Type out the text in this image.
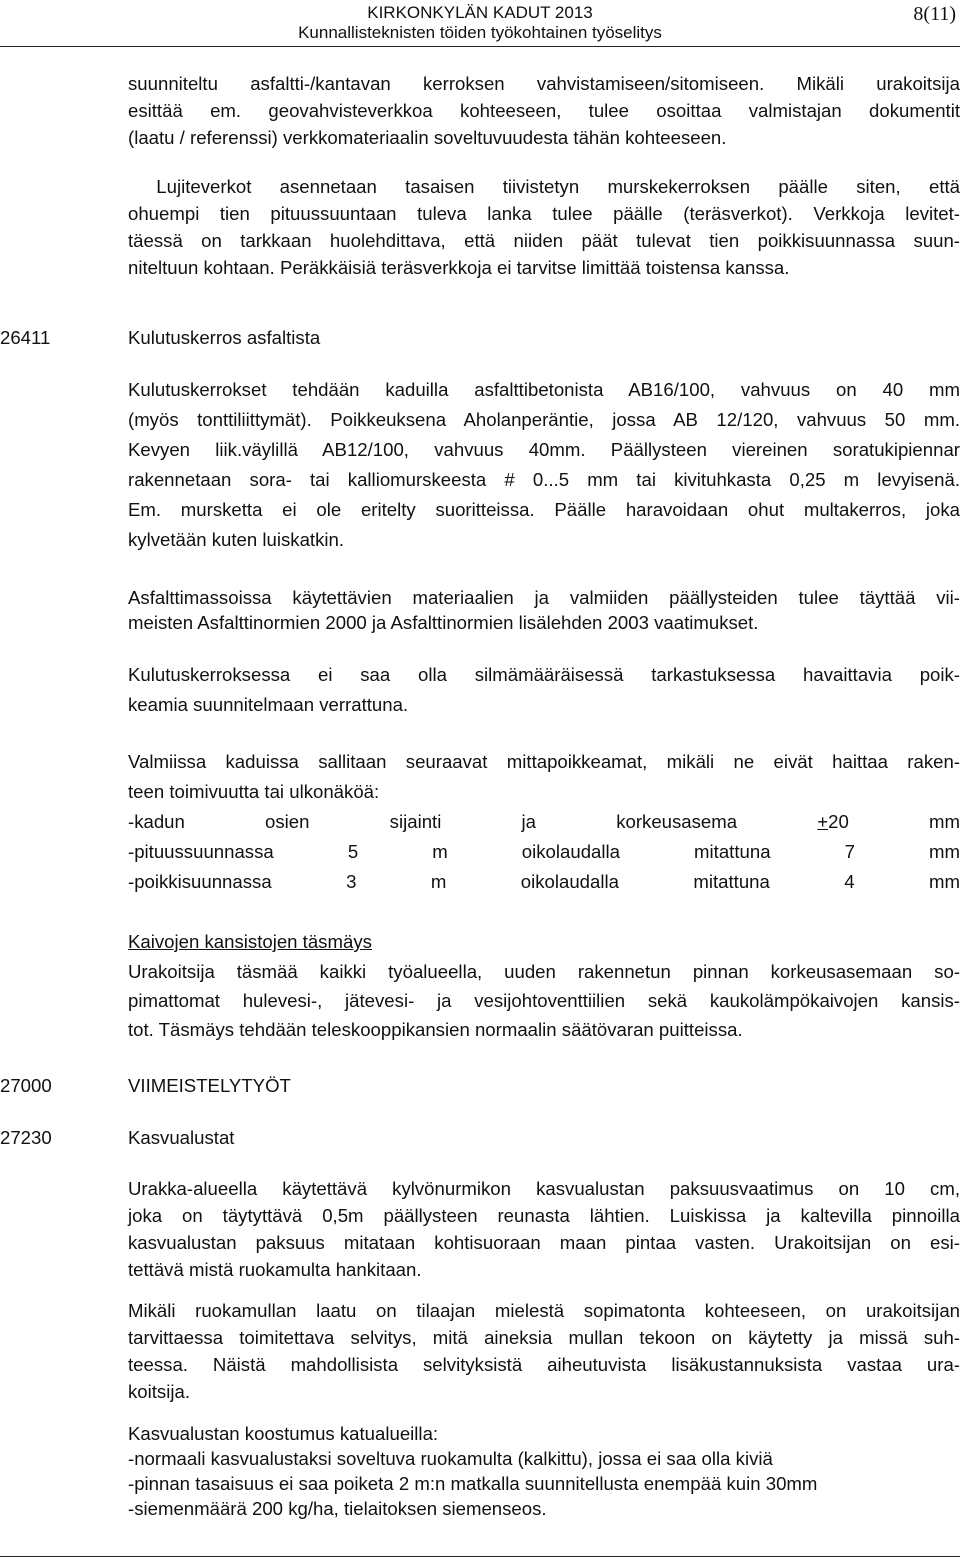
KIRKONKYLÄN KADUT 2013
Kunnallisteknisten töiden työkohtainen työselitys
8(11)
suunniteltu asfaltti-/kantavan kerroksen vahvistamiseen/sitomiseen. Mikäli urakoitsija
esittää em. geovahvisteverkkoa kohteeseen, tulee osoittaa valmistajan dokumentit
(laatu / referenssi) verkkomateriaalin soveltuvuudesta tähän kohteeseen.
Lujiteverkot asennetaan tasaisen tiivistetyn murskekerroksen päälle siten, että
ohuempi tien pituussuuntaan tuleva lanka tulee päälle (teräsverkot). Verkkoja levitet-
täessä on tarkkaan huolehdittava, että niiden päät tulevat tien poikkisuunnassa suun-
niteltuun kohtaan. Peräkkäisiä teräsverkkoja ei tarvitse limittää toistensa kanssa.
26411	Kulutuskerros asfaltista
Kulutuskerrokset tehdään kaduilla asfalttibetonista AB16/100, vahvuus on 40 mm
(myös tonttiliittymät). Poikkeuksena Aholanperäntie, jossa AB 12/120, vahvuus 50 mm.
Kevyen liik.väylillä AB12/100, vahvuus 40mm. Päällysteen viereinen soratukipiennar
rakennetaan sora- tai kalliomurskeesta # 0...5 mm tai kivituhkasta 0,25 m levyisenä.
Em. mursketta ei ole eritelty suoritteissa. Päälle haravoidaan ohut multakerros, joka
kylvetään kuten luiskatkin.
Asfalttimassoissa käytettävien materiaalien ja valmiiden päällysteiden tulee täyttää vii-
meisten Asfalttinormien 2000 ja Asfalttinormien lisälehden 2003 vaatimukset.
Kulutuskerroksessa ei saa olla silmämääräisessä tarkastuksessa havaittavia poik-
keamia suunnitelmaan verrattuna.
Valmiissa kaduissa sallitaan seuraavat mittapoikkeamat, mikäli ne eivät haittaa raken-
teen toimivuutta tai ulkonäköä:
-kadun osien sijainti ja korkeusasema +20 mm
-pituussuunnassa 5 m oikolaudalla mitattuna 7 mm
-poikkisuunnassa 3 m oikolaudalla mitattuna 4 mm
Kaivojen kansistojen täsmäys
Urakoitsija täsmää kaikki työalueella, uuden rakennetun pinnan korkeusasemaan so-
pimattomat hulevesi-, jätevesi- ja vesijohtoventtiilien sekä kaukolämpökaivojen kansis-
tot. Täsmäys tehdään teleskooppikansien normaalin säätövaran puitteissa.
27000	VIIMEISTELYTYÖT
27230	Kasvualustat
Urakka-alueella käytettävä kylvönurmikon kasvualustan paksuusvaatimus on 10 cm,
joka on täytyttävä 0,5m päällysteen reunasta lähtien. Luiskissa ja kaltevilla pinnoilla
kasvualustan paksuus mitataan kohtisuoraan maan pintaa vasten. Urakoitsijan on esi-
tettävä mistä ruokamulta hankitaan.
Mikäli ruokamullan laatu on tilaajan mielestä sopimatonta kohteeseen, on urakoitsijan
tarvittaessa toimitettava selvitys, mitä aineksia mullan tekoon on käytetty ja missä suh-
teessa. Näistä mahdollisista selvityksistä aiheutuvista lisäkustannuksista vastaa ura-
koitsija.
Kasvualustan koostumus katualueilla:
-normaali kasvualustaksi soveltuva ruokamulta (kalkittu), jossa ei saa olla kiviä
-pinnan tasaisuus ei saa poiketa 2 m:n matkalla suunnitellusta enempää kuin 30mm
-siemenmäärä 200 kg/ha, tielaitoksen siemenseos.
